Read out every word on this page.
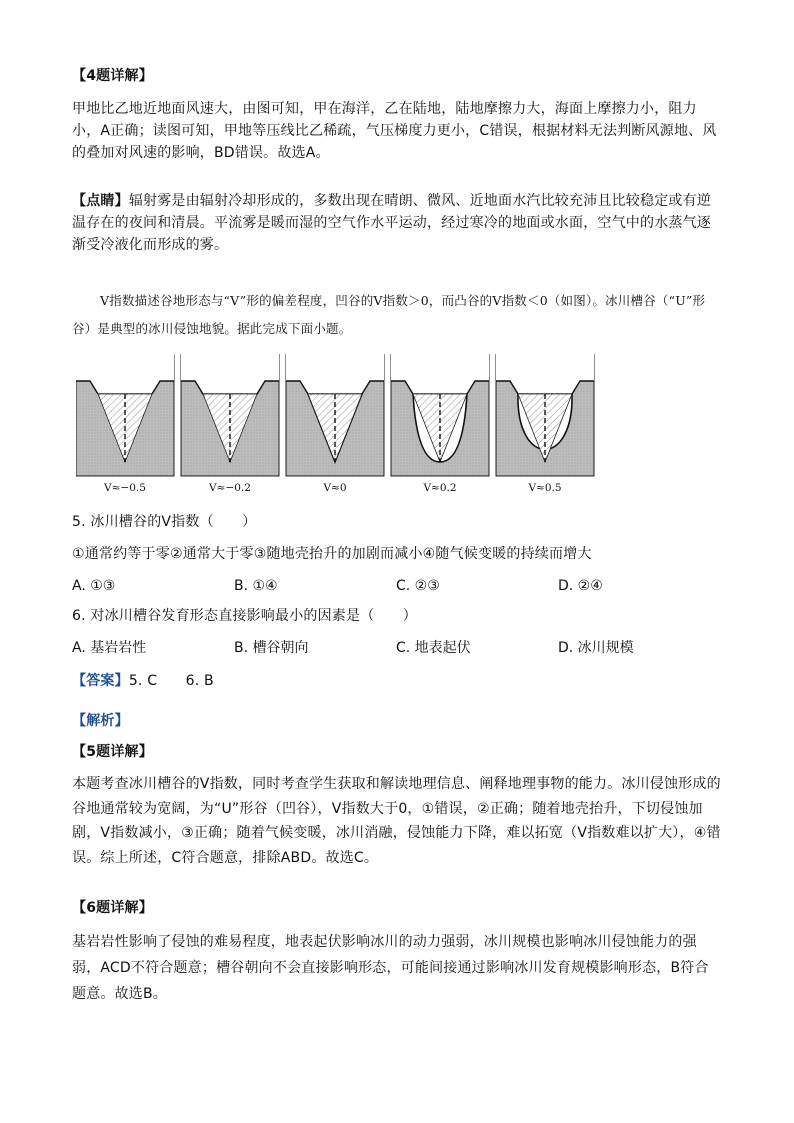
【4题详解】

甲地比乙地近地面风速大，由图可知，甲在海洋，乙在陆地，陆地摩擦力大，海面上摩擦力小，阻力小，A正确；读图可知，甲地等压线比乙稀疏，气压梯度力更小，C错误，根据材料无法判断风源地、风的叠加对风速的影响，BD错误。故选A。

【点睛】辐射雾是由辐射冷却形成的，多数出现在晴朗、微风、近地面水汽比较充沛且比较稳定或有逆温存在的夜间和清晨。平流雾是暖而湿的空气作水平运动，经过寒冷的地面或水面，空气中的水蒸气逐渐受冷液化而形成的雾。

V指数描述谷地形态与“V”形的偏差程度，凹谷的V指数＞0，而凸谷的V指数＜0（如图）。冰川槽谷（“U”形谷）是典型的冰川侵蚀地貌。据此完成下面小题。

V≈−0.5	V≈−0.2	V≈0	V≈0.2	V≈0.5

5. 冰川槽谷的V指数（　　）

①通常约等于零②通常大于零③随地壳抬升的加剧而减小④随气候变暖的持续而增大

A. ①③	B. ①④	C. ②③	D. ②④

6. 对冰川槽谷发育形态直接影响最小的因素是（　　）

A. 基岩岩性	B. 槽谷朝向	C. 地表起伏	D. 冰川规模

【答案】5. C　　6. B

【解析】

【5题详解】

本题考查冰川槽谷的V指数，同时考查学生获取和解读地理信息、阐释地理事物的能力。冰川侵蚀形成的谷地通常较为宽阔，为“U”形谷（凹谷），V指数大于0，①错误，②正确；随着地壳抬升，下切侵蚀加剧，V指数减小，③正确；随着气候变暖，冰川消融，侵蚀能力下降，难以拓宽（V指数难以扩大），④错误。综上所述，C符合题意，排除ABD。故选C。

【6题详解】

基岩岩性影响了侵蚀的难易程度，地表起伏影响冰川的动力强弱，冰川规模也影响冰川侵蚀能力的强弱，ACD不符合题意；槽谷朝向不会直接影响形态，可能间接通过影响冰川发育规模影响形态，B符合题意。故选B。
